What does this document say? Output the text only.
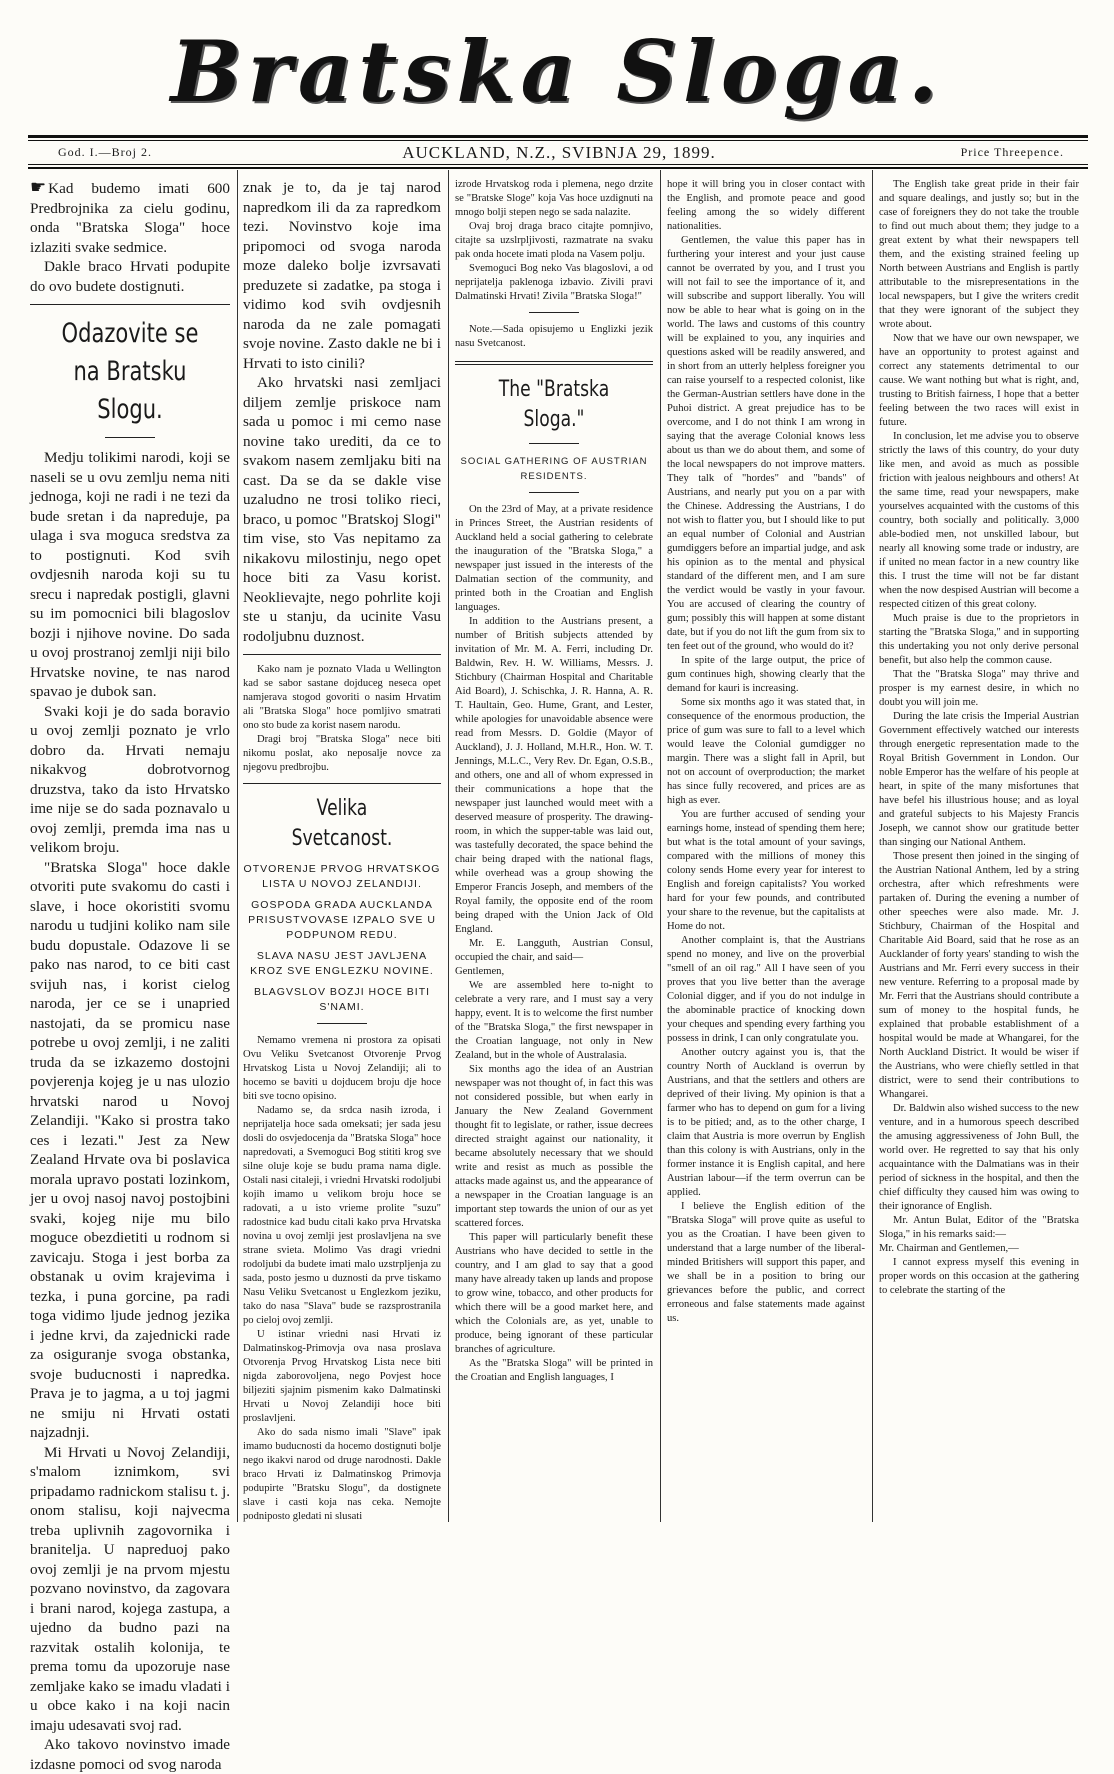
Bratska Sloga.
God. I.—Broj 2.	AUCKLAND, N.Z., SVIBNJA 29, 1899.	Price Threepence.

☛ Kad budemo imati 600 Predbrojnika za cielu godinu, onda "Bratska Sloga" hoce izlaziti svake sedmice.

Dakle braco Hrvati podupite do ovo budete dostignuti.

Odazovite se na Bratsku Slogu.

Medju tolikimi narodi, koji se naseli se u ovu zemlju nema niti jednoga, koji ne radi i ne tezi da bude sretan i da napreduje, pa ulaga i sva moguca sredstva za to postignuti. Kod svih ovdjesnih naroda koji su tu srecu i napredak postigli, glavni su im pomocnici bili blagoslov bozji i njihove novine. Do sada u ovoj prostranoj zemlji niji bilo Hrvatske novine, te nas narod spavao je dubok san.

Svaki koji je do sada boravio u ovoj zemlji poznato je vrlo dobro da. Hrvati nemaju nikakvog dobrotvornog druzstva, tako da isto Hrvatsko ime nije se do sada poznavalo u ovoj zemlji, premda ima nas u velikom broju.

"Bratska Sloga" hoce dakle otvoriti pute svakomu do casti i slave, i hoce okoristiti svomu narodu u tudjini koliko nam sile budu dopustale. Odazove li se pako nas narod, to ce biti cast svijuh nas, i korist cielog naroda, jer ce se i unapried nastojati, da se promicu nase potrebe u ovoj zemlji, i ne zaliti truda da se izkazemo dostojni povjerenja kojeg je u nas ulozio hrvatski narod u Novoj Zelandiji. "Kako si prostra tako ces i lezati." Jest za New Zealand Hrvate ova bi poslavica morala upravo postati lozinkom, jer u ovoj nasoj navoj postojbini svaki, kojeg nije mu bilo moguce obezdietiti u rodnom si zavicaju. Stoga i jest borba za obstanak u ovim krajevima i tezka, i puna gorcine, pa radi toga vidimo ljude jednog jezika i jedne krvi, da zajednicki rade za osiguranje svoga obstanka, svoje buducnosti i napredka. Prava je to jagma, a u toj jagmi ne smiju ni Hrvati ostati najzadnji.

Mi Hrvati u Novoj Zelandiji, s'malom iznimkom, svi pripadamo radnickom stalisu t. j. onom stalisu, koji najvecma treba uplivnih zagovornika i branitelja. U napreduoj pako ovoj zemlji je na prvom mjestu pozvano novinstvo, da zagovara i brani narod, kojega zastupa, a ujedno da budno pazi na razvitak ostalih kolonija, te prema tomu da upozoruje nase zemljake kako se imadu vladati i u obce kako i na koji nacin imaju udesavati svoj rad.

Ako takovo novinstvo imade izdasne pomoci od svog naroda

znak je to, da je taj narod napredkom ili da za rapredkom tezi. Novinstvo koje ima pripomoci od svoga naroda moze daleko bolje izvrsavati preduzete si zadatke, pa stoga i vidimo kod svih ovdjesnih naroda da ne zale pomagati svoje novine. Zasto dakle ne bi i Hrvati to isto cinili?

Ako hrvatski nasi zemljaci diljem zemlje priskoce nam sada u pomoc i mi cemo nase novine tako urediti, da ce to svakom nasem zemljaku biti na cast. Da se da se dakle vise uzaludno ne trosi toliko rieci, braco, u pomoc "Bratskoj Slogi" tim vise, sto Vas nepitamo za nikakovu milostinju, nego opet hoce biti za Vasu korist. Neoklievajte, nego pohrlite koji ste u stanju, da ucinite Vasu rodoljubnu duznost.

Kako nam je poznato Vlada u Wellington kad se sabor sastane dojduceg neseca opet namjerava stogod govoriti o nasim Hrvatim ali "Bratska Sloga" hoce pomljivo smatrati ono sto bude za korist nasem narodu.

Dragi broj "Bratska Sloga" nece biti nikomu poslat, ako neposalje novce za njegovu predbrojbu.

Velika Svetcanost.
OTVORENJE PRVOG HRVATSKOG LISTA U NOVOJ ZELANDIJI.
GOSPODA GRADA AUCKLANDA PRISUSTVOVASE IZPALO SVE U PODPUNOM REDU.
SLAVA NASU JEST JAVLJENA KROZ SVE ENGLEZKU NOVINE.
BLAGVSLOV BOZJI HOCE BITI S'NAMI.

Nemamo vremena ni prostora za opisati Ovu Veliku Svetcanost Otvorenje Prvog Hrvatskog Lista u Novoj Zelandiji; ali to hocemo se baviti u dojducem broju dje hoce biti sve tocno opisino.

Nadamo se, da srdca nasih izroda, i neprijatelja hoce sada omeksati; jer sada jesu dosli do osvjedocenja da "Bratska Sloga" hoce napredovati, a Svemoguci Bog stititi krog sve silne oluje koje se budu prama nama digle. Ostali nasi citaleji, i vriedni Hrvatski rodoljubi kojih imamo u velikom broju hoce se radovati, a u isto vrieme prolite "suzu" radostnice kad budu citali kako prva Hrvatska novina u ovoj zemlji jest proslavljena na sve strane svieta. Molimo Vas dragi vriedni rodoljubi da budete imati malo uzstrpljenja zu sada, posto jesmo u duznosti da prve tiskamo Nasu Veliku Svetcanost u Englezkom jeziku, tako do nasa "Slava" bude se razsprostranila po cieloj ovoj zemlji.

U istinar vriedni nasi Hrvati iz Dalmatinskog-Primovja ova nasa proslava Otvorenja Prvog Hrvatskog Lista nece biti nigda zaborovoljena, nego Povjest hoce biljeziti sjajnim pismenim kako Dalmatinski Hrvati u Novoj Zelandiji hoce biti proslavljeni.

Ako do sada nismo imali "Slave" ipak imamo buducnosti da hocemo dostignuti bolje nego ikakvi narod od druge narodnosti. Dakle braco Hrvati iz Dalmatinskog Primovja podupirte "Bratsku Slogu", da dostignete slave i casti koja nas ceka. Nemojte podniposto gledati ni slusati

izrode Hrvatskog roda i plemena, nego drzite se "Bratske Sloge" koja Vas hoce uzdignuti na mnogo bolji stepen nego se sada nalazite.

Ovaj broj draga braco citajte pomnjivo, citajte sa uzslrpljivosti, razmatrate na svaku pak onda hocete imati ploda na Vasem polju.

Svemoguci Bog neko Vas blagoslovi, a od neprijatelja paklenoga izbavio. Zivili pravi Dalmatinski Hrvati! Zivila "Bratska Sloga!"

Note.—Sada opisujemo u Englizki jezik nasu Svetcanost.

The "Bratska Sloga."
SOCIAL GATHERING OF AUSTRIAN RESIDENTS.

On the 23rd of May, at a private residence in Princes Street, the Austrian residents of Auckland held a social gathering to celebrate the inauguration of the "Bratska Sloga," a newspaper just issued in the interests of the Dalmatian section of the community, and printed both in the Croatian and English languages.

In addition to the Austrians present, a number of British subjects attended by invitation of Mr. M. A. Ferri, including Dr. Baldwin, Rev. H. W. Williams, Messrs. J. Stichbury (Chairman Hospital and Charitable Aid Board), J. Schischka, J. R. Hanna, A. R. T. Haultain, Geo. Hume, Grant, and Lester, while apologies for unavoidable absence were read from Messrs. D. Goldie (Mayor of Auckland), J. J. Holland, M.H.R., Hon. W. T. Jennings, M.L.C., Very Rev. Dr. Egan, O.S.B., and others, one and all of whom expressed in their communications a hope that the newspaper just launched would meet with a deserved measure of prosperity. The drawing-room, in which the supper-table was laid out, was tastefully decorated, the space behind the chair being draped with the national flags, while overhead was a group showing the Emperor Francis Joseph, and members of the Royal family, the opposite end of the room being draped with the Union Jack of Old England.

Mr. E. Langguth, Austrian Consul, occupied the chair, and said—

Gentlemen,

We are assembled here to-night to celebrate a very rare, and I must say a very happy, event. It is to welcome the first number of the "Bratska Sloga," the first newspaper in the Croatian language, not only in New Zealand, but in the whole of Australasia.

Six months ago the idea of an Austrian newspaper was not thought of, in fact this was not considered possible, but when early in January the New Zealand Government thought fit to legislate, or rather, issue decrees directed straight against our nationality, it became absolutely necessary that we should write and resist as much as possible the attacks made against us, and the appearance of a newspaper in the Croatian language is an important step towards the union of our as yet scattered forces.

This paper will particularly benefit these Austrians who have decided to settle in the country, and I am glad to say that a good many have already taken up lands and propose to grow wine, tobacco, and other products for which there will be a good market here, and which the Colonials are, as yet, unable to produce, being ignorant of these particular branches of agriculture.

As the "Bratska Sloga" will be printed in the Croatian and English languages, I

hope it will bring you in closer contact with the English, and promote peace and good feeling among the so widely different nationalities.

Gentlemen, the value this paper has in furthering your interest and your just cause cannot be overrated by you, and I trust you will not fail to see the importance of it, and will subscribe and support liberally. You will now be able to hear what is going on in the world. The laws and customs of this country will be explained to you, any inquiries and questions asked will be readily answered, and in short from an utterly helpless foreigner you can raise yourself to a respected colonist, like the German-Austrian settlers have done in the Puhoi district. A great prejudice has to be overcome, and I do not think I am wrong in saying that the average Colonial knows less about us than we do about them, and some of the local newspapers do not improve matters. They talk of "hordes" and "bands" of Austrians, and nearly put you on a par with the Chinese. Addressing the Austrians, I do not wish to flatter you, but I should like to put an equal number of Colonial and Austrian gumdiggers before an impartial judge, and ask his opinion as to the mental and physical standard of the different men, and I am sure the verdict would be vastly in your favour. You are accused of clearing the country of gum; possibly this will happen at some distant date, but if you do not lift the gum from six to ten feet out of the ground, who would do it?

In spite of the large output, the price of gum continues high, showing clearly that the demand for kauri is increasing.

Some six months ago it was stated that, in consequence of the enormous production, the price of gum was sure to fall to a level which would leave the Colonial gumdigger no margin. There was a slight fall in April, but not on account of overproduction; the market has since fully recovered, and prices are as high as ever.

You are further accused of sending your earnings home, instead of spending them here; but what is the total amount of your savings, compared with the millions of money this colony sends Home every year for interest to English and foreign capitalists? You worked hard for your few pounds, and contributed your share to the revenue, but the capitalists at Home do not.

Another complaint is, that the Austrians spend no money, and live on the proverbial "smell of an oil rag." All I have seen of you proves that you live better than the average Colonial digger, and if you do not indulge in the abominable practice of knocking down your cheques and spending every farthing you possess in drink, I can only congratulate you.

Another outcry against you is, that the country North of Auckland is overrun by Austrians, and that the settlers and others are deprived of their living. My opinion is that a farmer who has to depend on gum for a living is to be pitied; and, as to the other charge, I claim that Austria is more overrun by English than this colony is with Austrians, only in the former instance it is English capital, and here Austrian labour—if the term overrun can be applied.

I believe the English edition of the "Bratska Sloga" will prove quite as useful to you as the Croatian. I have been given to understand that a large number of the liberal-minded Britishers will support this paper, and we shall be in a position to bring our grievances before the public, and correct erroneous and false statements made against us.

The English take great pride in their fair and square dealings, and justly so; but in the case of foreigners they do not take the trouble to find out much about them; they judge to a great extent by what their newspapers tell them, and the existing strained feeling up North between Austrians and English is partly attributable to the misrepresentations in the local newspapers, but I give the writers credit that they were ignorant of the subject they wrote about.

Now that we have our own newspaper, we have an opportunity to protest against and correct any statements detrimental to our cause. We want nothing but what is right, and, trusting to British fairness, I hope that a better feeling between the two races will exist in future.

In conclusion, let me advise you to observe strictly the laws of this country, do your duty like men, and avoid as much as possible friction with jealous neighbours and others! At the same time, read your newspapers, make yourselves acquainted with the customs of this country, both socially and politically. 3,000 able-bodied men, not unskilled labour, but nearly all knowing some trade or industry, are if united no mean factor in a new country like this. I trust the time will not be far distant when the now despised Austrian will become a respected citizen of this great colony.

Much praise is due to the proprietors in starting the "Bratska Sloga," and in supporting this undertaking you not only derive personal benefit, but also help the common cause.

That the "Bratska Sloga" may thrive and prosper is my earnest desire, in which no doubt you will join me.

During the late crisis the Imperial Austrian Government effectively watched our interests through energetic representation made to the Royal British Government in London. Our noble Emperor has the welfare of his people at heart, in spite of the many misfortunes that have befel his illustrious house; and as loyal and grateful subjects to his Majesty Francis Joseph, we cannot show our gratitude better than singing our National Anthem.

Those present then joined in the singing of the Austrian National Anthem, led by a string orchestra, after which refreshments were partaken of. During the evening a number of other speeches were also made. Mr. J. Stichbury, Chairman of the Hospital and Charitable Aid Board, said that he rose as an Aucklander of forty years' standing to wish the Austrians and Mr. Ferri every success in their new venture. Referring to a proposal made by Mr. Ferri that the Austrians should contribute a sum of money to the hospital funds, he explained that probable establishment of a hospital would be made at Whangarei, for the North Auckland District. It would be wiser if the Austrians, who were chiefly settled in that district, were to send their contributions to Whangarei.

Dr. Baldwin also wished success to the new venture, and in a humorous speech described the amusing aggressiveness of John Bull, the world over. He regretted to say that his only acquaintance with the Dalmatians was in their period of sickness in the hospital, and then the chief difficulty they caused him was owing to their ignorance of English.

Mr. Antun Bulat, Editor of the "Bratska Sloga," in his remarks said:—

Mr. Chairman and Gentlemen,—

I cannot express myself this evening in proper words on this occasion at the gathering to celebrate the starting of the
